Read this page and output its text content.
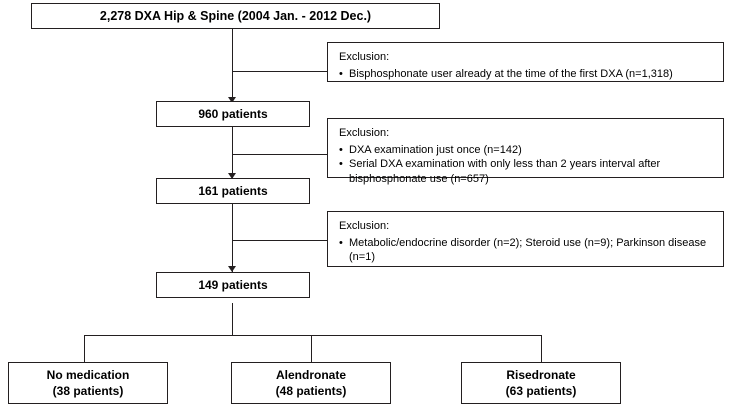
2,278 DXA Hip & Spine (2004 Jan. - 2012 Dec.)
Exclusion:
• Bisphosphonate user already at the time of the first DXA (n=1,318)
Exclusion:
• DXA examination just once (n=142)
• Serial DXA examination with only less than 2 years interval after bisphosphonate use (n=657)
Exclusion:
• Metabolic/endocrine disorder (n=2); Steroid use (n=9); Parkinson disease (n=1)
960 patients
161 patients
149 patients
No medication
(38 patients)
Alendronate
(48 patients)
Risedronate
(63 patients)
